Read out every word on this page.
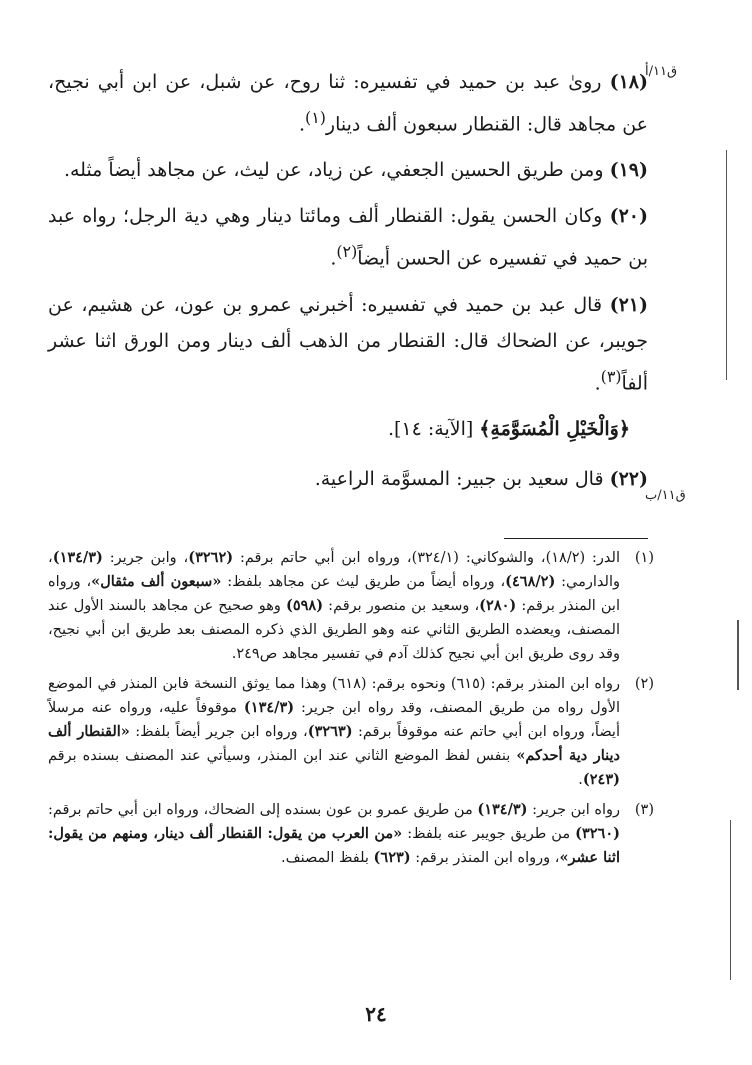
ق۱۱/أ
ق۱۱/ب

(١٨) روىٰ عبد بن حميد في تفسيره: ثنا روح، عن شبل، عن ابن أبي نجيح، عن مجاهد قال: القنطار سبعون ألف دينار$^{(١)}$.

(١٩) ومن طريق الحسين الجعفي، عن زياد، عن ليث، عن مجاهد أيضاً مثله.

(٢٠) وكان الحسن يقول: القنطار ألف ومائتا دينار وهي دية الرجل؛ رواه عبد بن حميد في تفسيره عن الحسن أيضاً$^{(٢)}$.

(٢١) قال عبد بن حميد في تفسيره: أخبرني عمرو بن عون، عن هشيم، عن جويبر، عن الضحاك قال: القنطار من الذهب ألف دينار ومن الورق اثنا عشر ألفاً$^{(٣)}$.

﴿وَالْخَيْلِ الْمُسَوَّمَةِ﴾ [الآية: ١٤].

(٢٢) قال سعيد بن جبير: المسوَّمة الراعية.

(١)
الدر: (١٨/٢)، والشوكاني: (٣٢٤/١)، ورواه ابن أبي حاتم برقم: (٣٢٦٢)، وابن جرير: (١٣٤/٣)، والدارمي: (٤٦٨/٢)، ورواه أيضاً من طريق ليث عن مجاهد بلفظ: «سبعون ألف مثقال»، ورواه ابن المنذر برقم: (٢٨٠)، وسعيد بن منصور برقم: (٥٩٨) وهو صحيح عن مجاهد بالسند الأول عند المصنف، ويعضده الطريق الثاني عنه وهو الطريق الذي ذكره المصنف بعد طريق ابن أبي نجيح، وقد روى طريق ابن أبي نجيح كذلك آدم في تفسير مجاهد ص٢٤٩.
(٢)
رواه ابن المنذر برقم: (٦١٥) ونحوه برقم: (٦١٨) وهذا مما يوثق النسخة فابن المنذر في الموضع الأول رواه من طريق المصنف، وقد رواه ابن جرير: (١٣٤/٣) موقوفاً عليه، ورواه عنه مرسلاً أيضاً، ورواه ابن أبي حاتم عنه موقوفاً برقم: (٣٢٦٣)، ورواه ابن جرير أيضاً بلفظ: «القنطار ألف دينار دية أحدكم» بنفس لفظ الموضع الثاني عند ابن المنذر، وسيأتي عند المصنف بسنده برقم (٢٤٣).
(٣)
رواه ابن جرير: (١٣٤/٣) من طريق عمرو بن عون بسنده إلى الضحاك، ورواه ابن أبي حاتم برقم: (٣٢٦٠) من طريق جويبر عنه بلفظ: «من العرب من يقول: القنطار ألف دينار، ومنهم من يقول: اثنا عشر»، ورواه ابن المنذر برقم: (٦٢٣) بلفظ المصنف.
٢٤
